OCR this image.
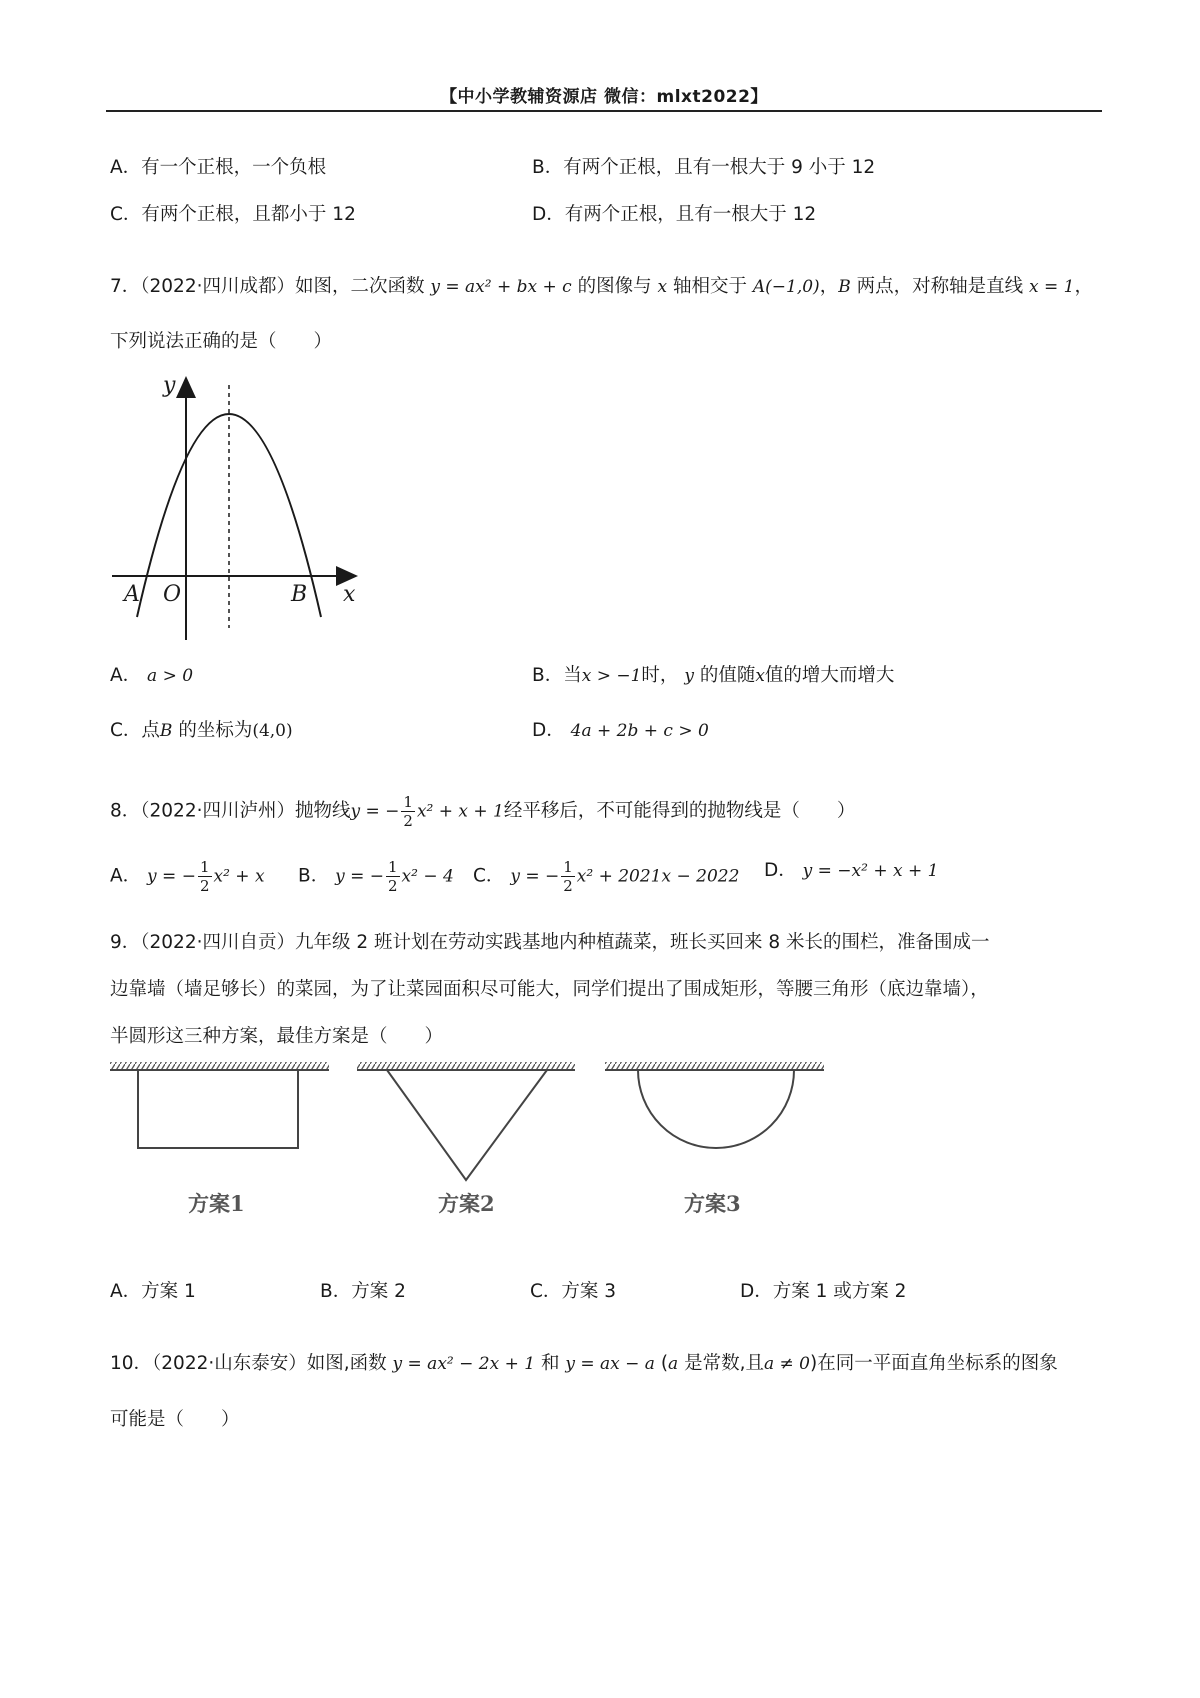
【中小学教辅资源店 微信：mlxt2022】
A．有一个正根，一个负根	B．有两个正根，且有一根大于 9 小于 12
C．有两个正根，且都小于 12	D．有两个正根，且有一根大于 12
7．（2022·四川成都）如图，二次函数 y = ax² + bx + c 的图像与 x 轴相交于 A(−1,0)，B 两点，对称轴是直线 x = 1，
下列说法正确的是（　　）
y
x
A O	B
A． a > 0	B．当x > −1时， y 的值随x值的增大而增大
C．点B 的坐标为(4,0)	D． 4a + 2b + c > 0
8．（2022·四川泸州）抛物线y = − $\frac{1}{2} x^2 + x + 1$经平移后，不可能得到的抛物线是（　　）
A． y = − $\frac{1}{2} x^2 + x$ B． y = − $\frac{1}{2} x^2 - 4$ C． y = − $\frac{1}{2} x^2 + 2021x - 2022$ D． y = −x² + x + 1
9．（2022·四川自贡）九年级 2 班计划在劳动实践基地内种植蔬菜，班长买回来 8 米长的围栏，准备围成一
边靠墙（墙足够长）的菜园，为了让菜园面积尽可能大，同学们提出了围成矩形，等腰三角形（底边靠墙），
半圆形这三种方案，最佳方案是（　　）
方案1	方案2	方案3
A．方案 1	B．方案 2	C．方案 3	D．方案 1 或方案 2
10．（2022·山东泰安）如图,函数 y = ax² − 2x + 1 和 y = ax − a (a 是常数,且a ≠ 0)在同一平面直角坐标系的图象
可能是（　　）
